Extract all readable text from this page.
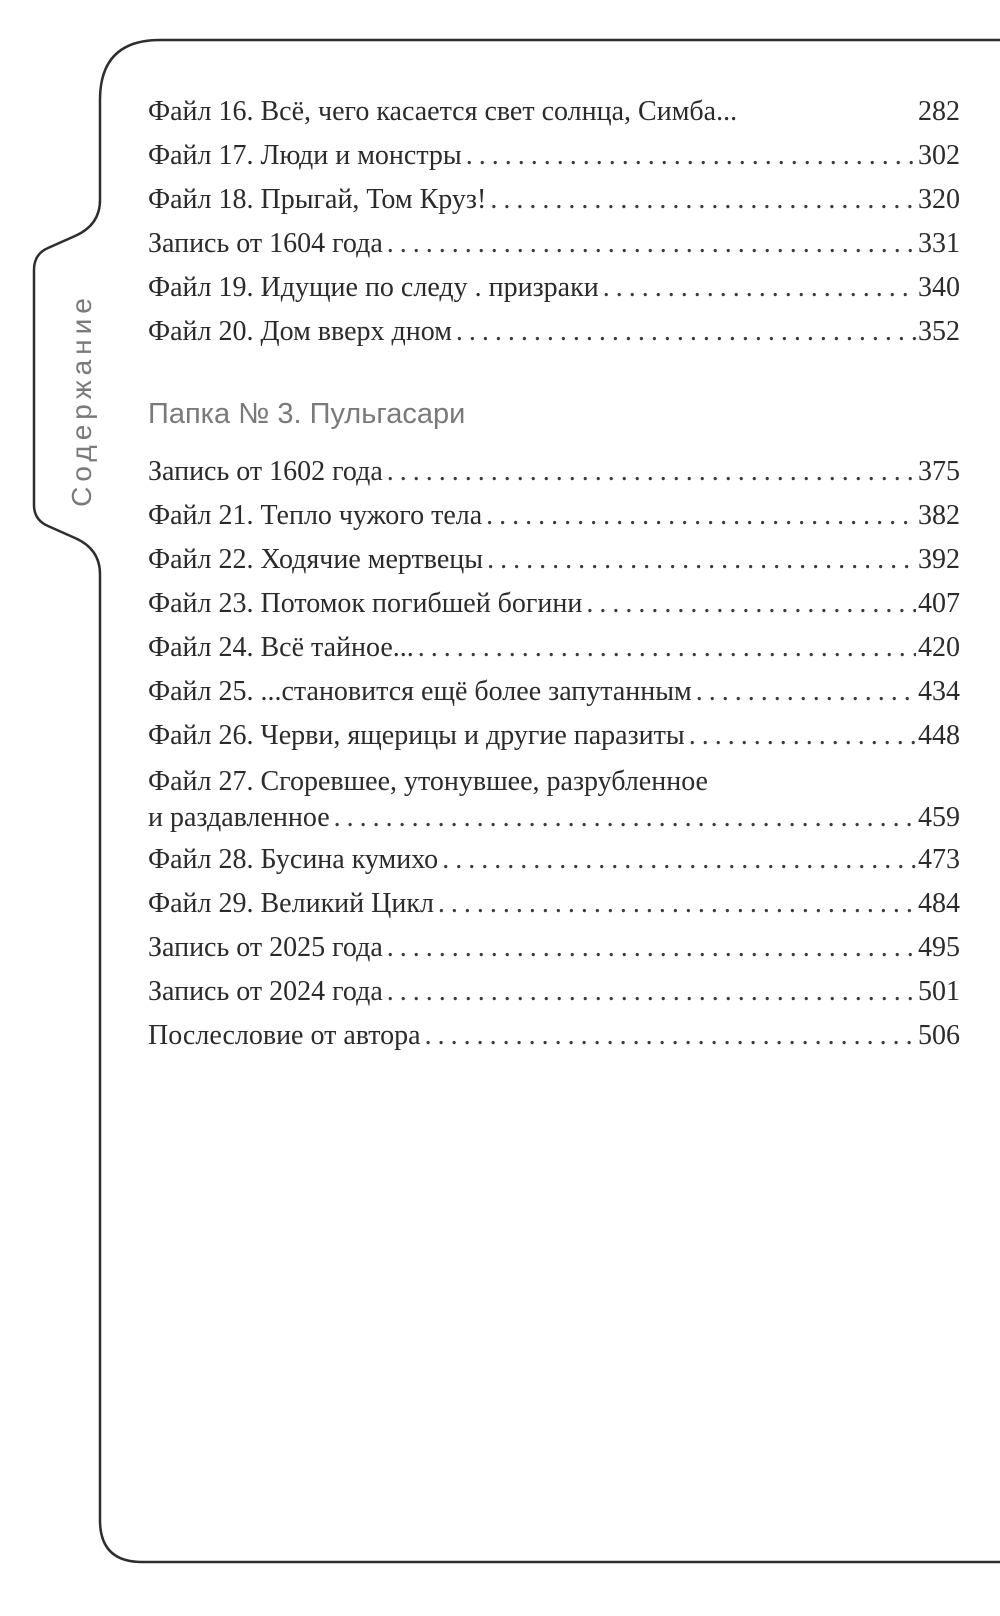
Содержание
Файл 16. Всё, чего касается свет солнца, Симба...	282
Файл 17. Люди и монстры .....	302
Файл 18. Прыгай, Том Круз! .....	320
Запись от 1604 года .....	331
Файл 19. Идущие по следу . призраки .....	340
Файл 20. Дом вверх дном .....	352
Папка № 3. Пульгасари
Запись от 1602 года .....	375
Файл 21. Тепло чужого тела .....	382
Файл 22. Ходячие мертвецы .....	392
Файл 23. Потомок погибшей богини .....	407
Файл 24. Всё тайное... .....	420
Файл 25. ...становится ещё более запутанным .....	434
Файл 26. Черви, ящерицы и другие паразиты .....	448
Файл 27. Сгоревшее, утонувшее, разрубленное
и раздавленное .....	459
Файл 28. Бусина кумихо .....	473
Файл 29. Великий Цикл .....	484
Запись от 2025 года .....	495
Запись от 2024 года .....	501
Послесловие от автора .....	506
